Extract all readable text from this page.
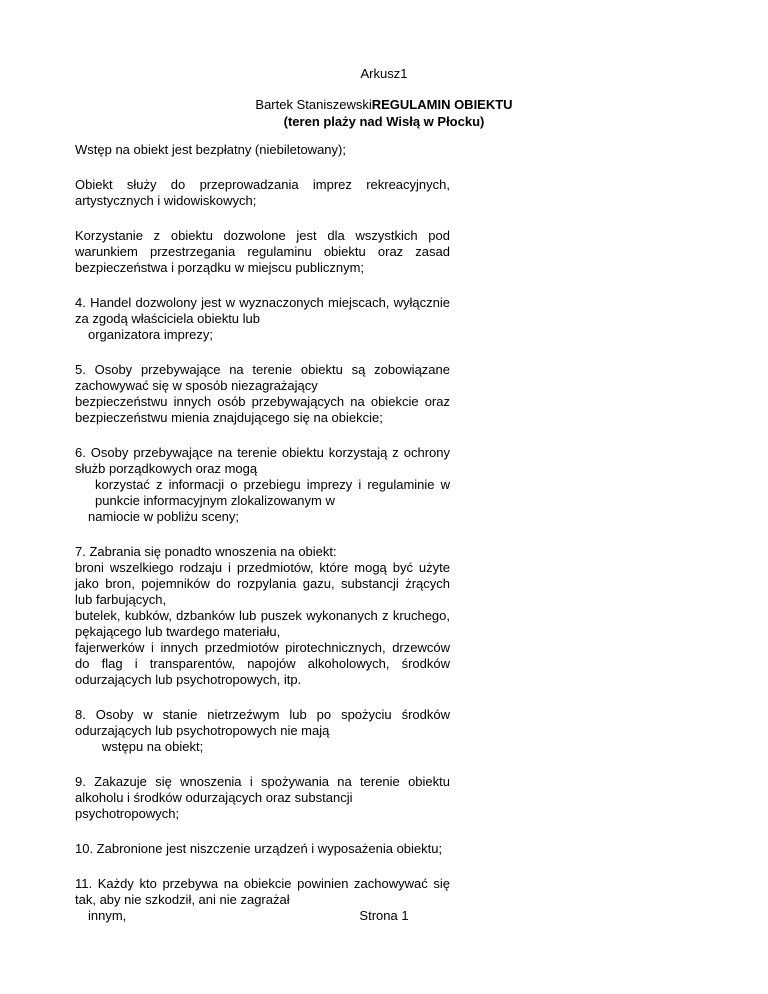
Arkusz1
Bartek StaniszewskiREGULAMIN OBIEKTU
(teren plaży nad Wisłą w Płocku)
Wstęp na obiekt jest bezpłatny (niebiletowany);
Obiekt służy do przeprowadzania imprez rekreacyjnych, artystycznych i widowiskowych;
Korzystanie z obiektu dozwolone jest dla wszystkich pod warunkiem przestrzegania regulaminu obiektu oraz zasad bezpieczeństwa i porządku w miejscu publicznym;
4. Handel dozwolony jest w wyznaczonych miejscach, wyłącznie za zgodą właściciela obiektu lub
organizatora imprezy;
5. Osoby przebywające na terenie obiektu są zobowiązane zachowywać się w sposób niezagrażający
bezpieczeństwu innych osób przebywających na obiekcie oraz bezpieczeństwu mienia znajdującego się na obiekcie;
6. Osoby przebywające na terenie obiektu korzystają z ochrony służb porządkowych oraz mogą
korzystać z informacji o przebiegu imprezy i regulaminie w punkcie informacyjnym zlokalizowanym w
namiocie w pobliżu sceny;
7. Zabrania się ponadto wnoszenia na obiekt:
broni wszelkiego rodzaju i przedmiotów, które mogą być użyte jako bron, pojemników do rozpylania gazu, substancji żrących lub farbujących,
butelek, kubków, dzbanków lub puszek wykonanych z kruchego, pękającego lub twardego materiału,
fajerwerków i innych przedmiotów pirotechnicznych, drzewców do flag i transparentów, napojów alkoholowych, środków odurzających lub psychotropowych, itp.
8. Osoby w stanie nietrzeźwym lub po spożyciu środków odurzających lub psychotropowych nie mają
wstępu na obiekt;
9. Zakazuje się wnoszenia i spożywania na terenie obiektu alkoholu i środków odurzających oraz substancji
psychotropowych;
10. Zabronione jest niszczenie urządzeń i wyposażenia obiektu;
11. Każdy kto przebywa na obiekcie powinien zachowywać się tak, aby nie szkodził, ani nie zagrażał
innym,	Strona 1
